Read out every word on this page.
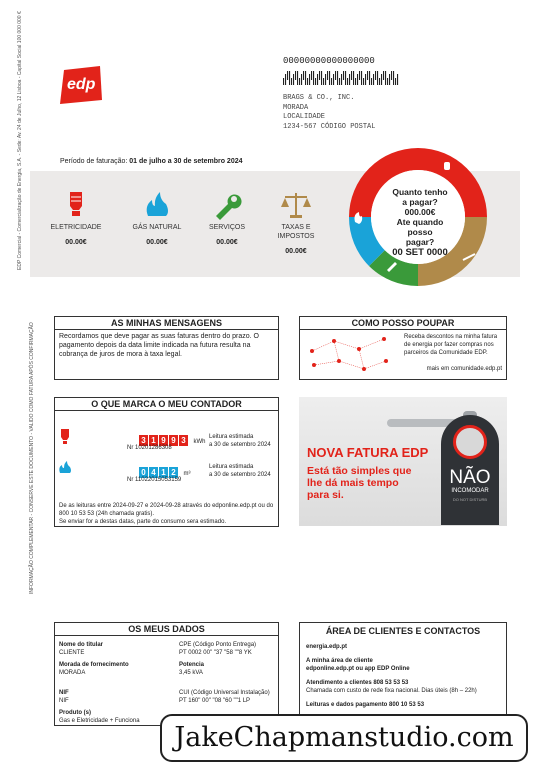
edp
EDP Comercial - Comercialização de Energia, S.A. - Sede: Av. 24 de Julho, 12 Lisboa - Capital Social 100 000 000 €
INFORMAÇÃO COMPLEMENTAR - CONSERVE ESTE DOCUMENTO - VALIDO COMO FATURA APÓS CONFIRMAÇÃO
00000000000000000
BRAGS & CO., INC.
MORADA
LOCALIDADE
1234-567 CÓDIGO POSTAL
Período de faturação: 01 de julho a 30 de setembro 2024
ELETRICIDADE
00.00€
GÁS NATURAL
00.00€
SERVIÇOS
00.00€
TAXAS E IMPOSTOS
00.00€
Quanto tenho
a pagar?
000.00€
Ate quando posso
pagar?
00 SET 0000
AS MINHAS MENSAGENS
Recordamos que deve pagar as suas faturas dentro do prazo. O pagamento depois da data limite indicada na futura resulta na cobrança de juros de mora à taxa legal.
COMO POSSO POUPAR
Receba descontos na minha fatura de energia por fazer compras nos parceiros da Comunidade EDP.
mais em comunidade.edp.pt
O QUE MARCA O MEU CONTADOR
3 1 9 9 3 kWh
Nr 10201286308
Leitura estimada
a 30 de setembro 2024
0 4 1 2 m³
Nr 11022015053159
Leitura estimada
a 30 de setembro 2024
De as leituras entre 2024-09-27 e 2024-09-28 através do edponline.edp.pt ou do 800 10 53 53 (24h chamada gratis).
Se enviar for a destas datas, parte do consumo sera estimado.
NOVA FATURA EDP
Está tão simples que
lhe dá mais tempo
para si.
NÃO
INCOMODAR
DO NOT DISTURB
OS MEUS DADOS
Nome do titular
CLIENTE
Morada de fornecimento
MORADA
NIF
NIF
Produto (s)
Gas e Eletricidade + Funciona
CPE (Código Ponto Entrega)
PT 0002 00" "37 "58 ""8 YK
Potencia
3,45 kVA
CUI (Código Universal Instalação)
PT 160" 00" "08 "60 ""1 LP
ÁREA DE CLIENTES E CONTACTOS
energia.edp.pt
A minha área de cliente
edponline.edp.pt ou app EDP Online
Atendimento a clientes 808 53 53 53
Chamada com custo de rede fixa nacional. Dias úteis (8h – 22h)
Leituras e dados pagamento 800 10 53 53
JakeChapmanstudio.com
